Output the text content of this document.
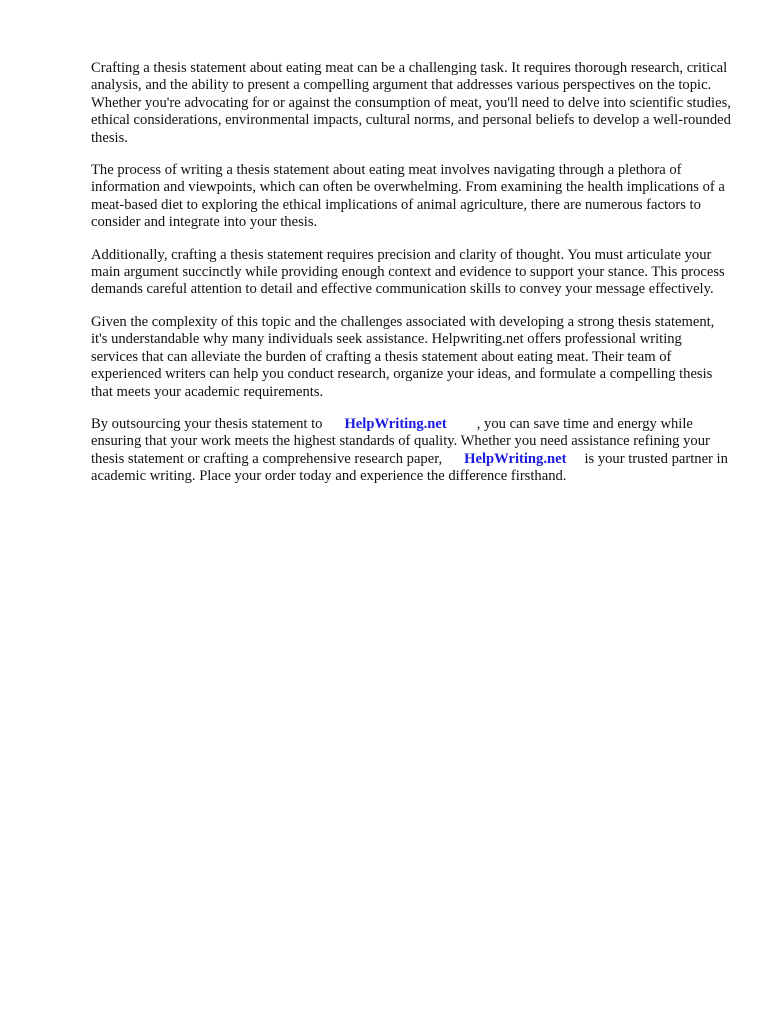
Crafting a thesis statement about eating meat can be a challenging task. It requires thorough research, critical analysis, and the ability to present a compelling argument that addresses various perspectives on the topic. Whether you're advocating for or against the consumption of meat, you'll need to delve into scientific studies, ethical considerations, environmental impacts, cultural norms, and personal beliefs to develop a well-rounded thesis.

The process of writing a thesis statement about eating meat involves navigating through a plethora of information and viewpoints, which can often be overwhelming. From examining the health implications of a meat-based diet to exploring the ethical implications of animal agriculture, there are numerous factors to consider and integrate into your thesis.

Additionally, crafting a thesis statement requires precision and clarity of thought. You must articulate your main argument succinctly while providing enough context and evidence to support your stance. This process demands careful attention to detail and effective communication skills to convey your message effectively.

Given the complexity of this topic and the challenges associated with developing a strong thesis statement, it's understandable why many individuals seek assistance. Helpwriting.net offers professional writing services that can alleviate the burden of crafting a thesis statement about eating meat. Their team of experienced writers can help you conduct research, organize your ideas, and formulate a compelling thesis that meets your academic requirements.

By outsourcing your thesis statement to HelpWriting.net , you can save time and energy while ensuring that your work meets the highest standards of quality. Whether you need assistance refining your thesis statement or crafting a comprehensive research paper, HelpWriting.net is your trusted partner in academic writing. Place your order today and experience the difference firsthand.
